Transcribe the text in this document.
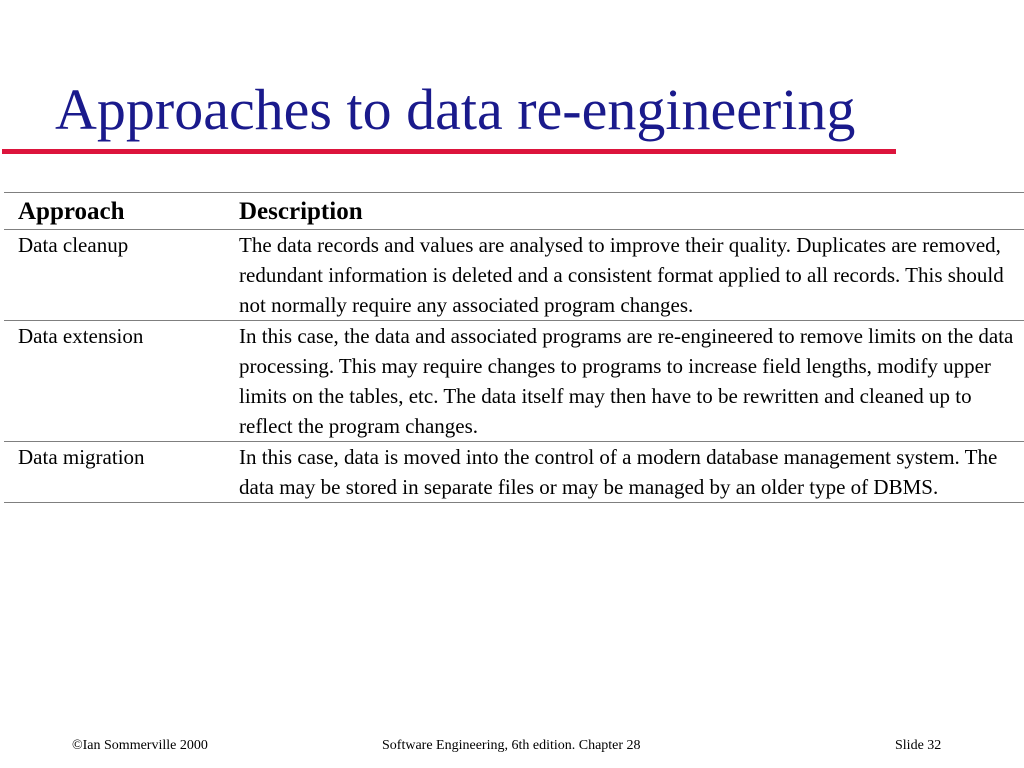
Approaches to data re-engineering
Approach	Description
Data cleanup	The data records and values are analysed to improve their quality. Duplicates are removed, redundant information is deleted and a consistent format applied to all records. This should not normally require any associated program changes.
Data extension	In this case, the data and associated programs are re-engineered to remove limits on the data processing. This may require changes to programs to increase field lengths, modify upper limits on the tables, etc. The data itself may then have to be rewritten and cleaned up to reflect the program changes.
Data migration	In this case, data is moved into the control of a modern database management system. The data may be stored in separate files or may be managed by an older type of DBMS.
©Ian Sommerville 2000	Software Engineering, 6th edition. Chapter 28	Slide 32
